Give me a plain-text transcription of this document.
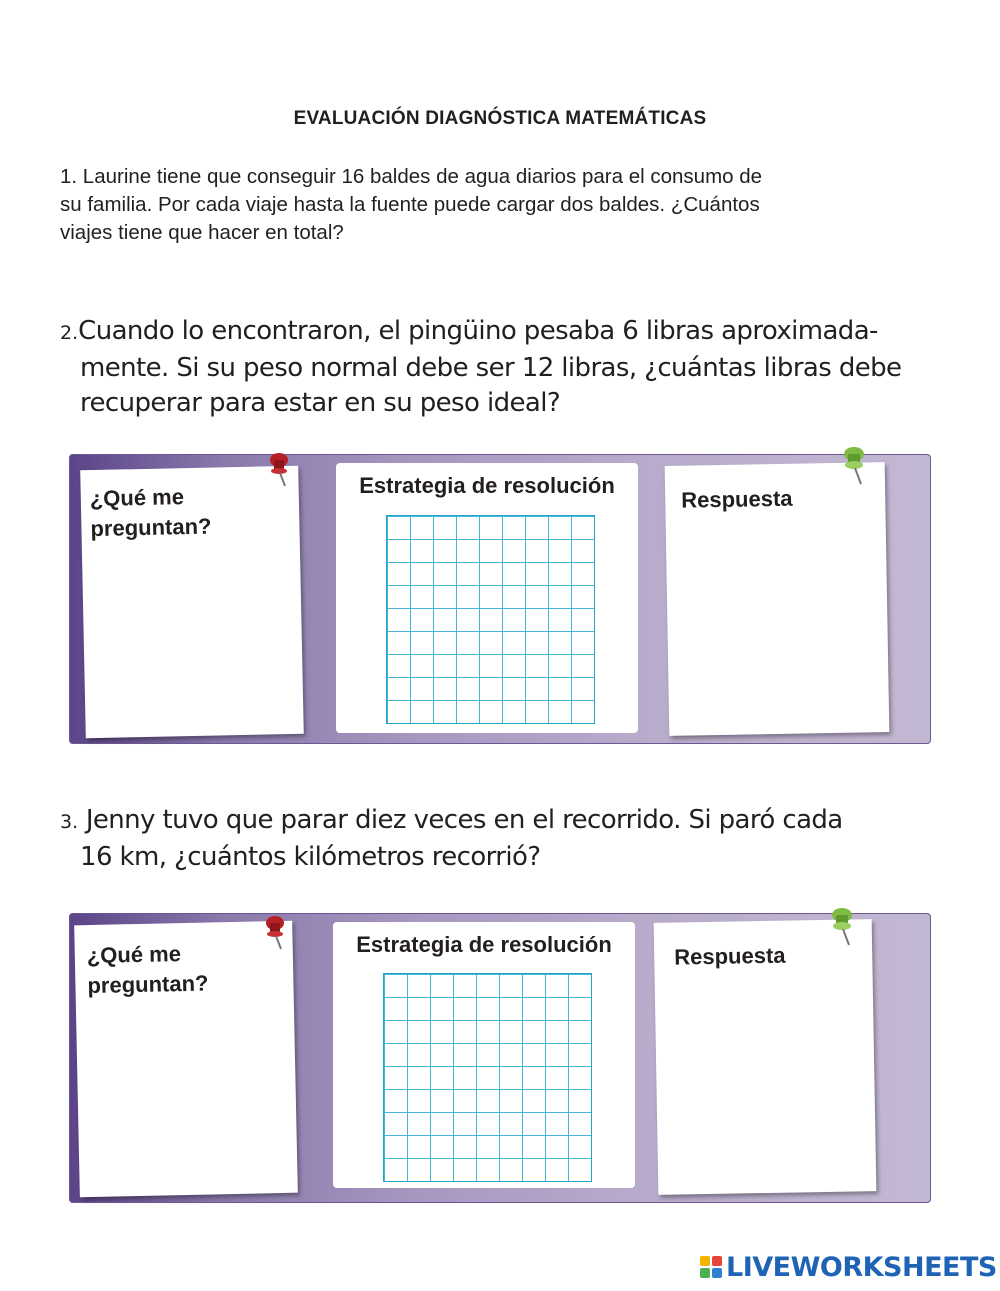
EVALUACIÓN DIAGNÓSTICA MATEMÁTICAS
1. Laurine tiene que conseguir 16 baldes de agua diarios para el consumo de
su familia. Por cada viaje hasta la fuente puede cargar dos baldes. ¿Cuántos
viajes tiene que hacer en total?
2.Cuando lo encontraron, el pingüino pesaba 6 libras aproximada-
mente. Si su peso normal debe ser 12 libras, ¿cuántas libras debe
recuperar para estar en su peso ideal?
¿Qué me
preguntan?
Estrategia de resolución
Respuesta
3. Jenny tuvo que parar diez veces en el recorrido. Si paró cada
16 km, ¿cuántos kilómetros recorrió?
¿Qué me
preguntan?
Estrategia de resolución	Respuesta
LIVEWORKSHEETS
